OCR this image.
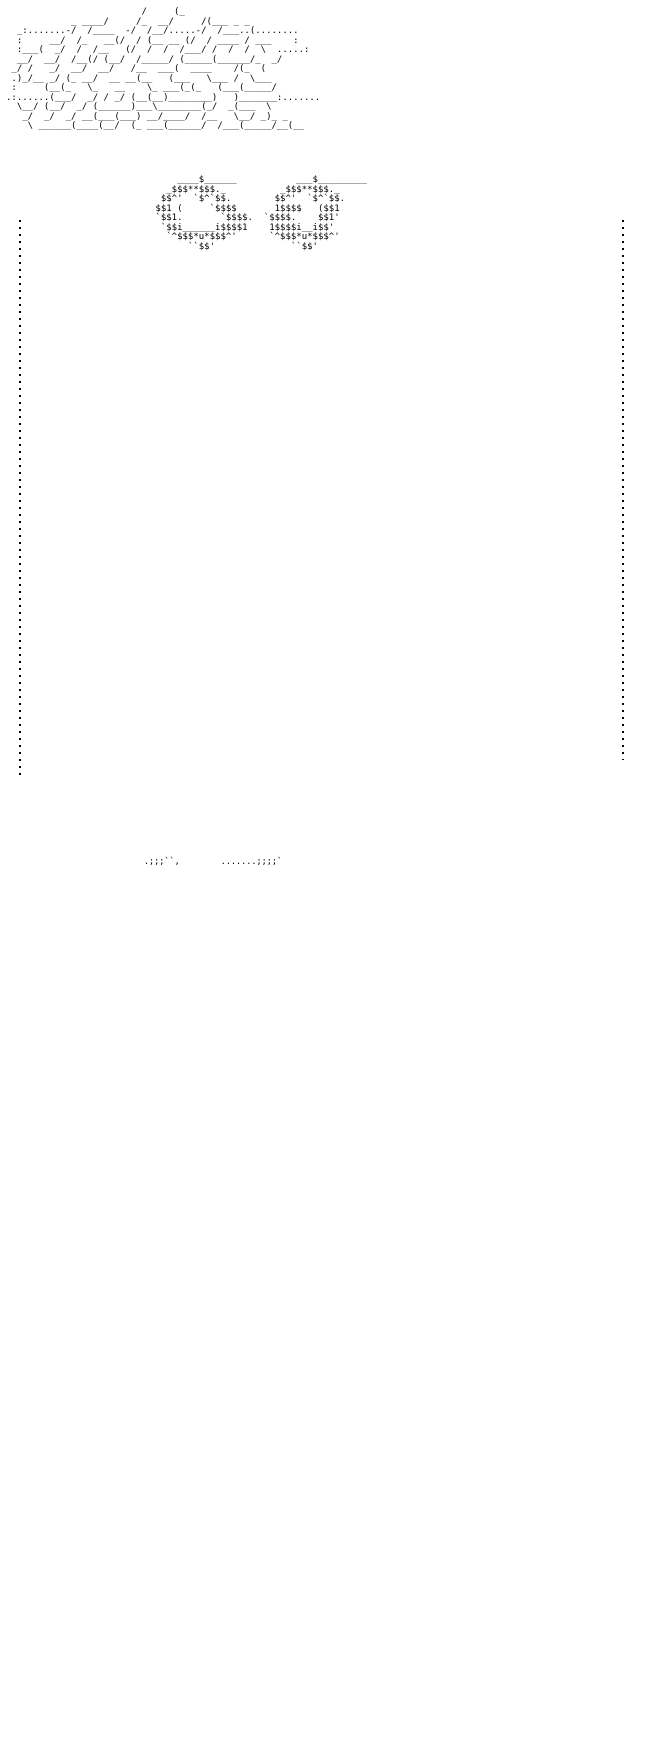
/     (_
_ ____/     /_  __/     /(___ _ _
_:.......-/  /____  -/  /__/.....-/  /___..(........
:     __/  /_   __(/  / (__ __ (/  / ____ / ___    :
:___(  _/  /  /__   (/  /  /  /___/ /  /  /  \  .....:
__/  __/  /__(/ (__/  /_____/ (_____(______/_  _/
_/ /   _/  __/  __/   /__  ___(  ____    /(_  (
.)_/__ _/ (_ __/  __ __(__   (___   \___ /  \___
:     (__(_   \_   __    \_ ___(_(_   (___(_____/
.:......(___/  _/ / _/ (__(__)________)   )_______:.......
\__/ (__/  _/ (______)___\________(_/  _(___  \
_/  _/  _/ __(___(___) __/____/  /__   \__/ _)_ _
\ ______(____(__/  (_ ___(______/  /___(_____/__(__
____$______           ___$_________
_$$$**$$$._          _$$$**$$$._
$$^'  `$^`$$.        $$^'  `$^`$$.
$$1 (     `$$$$       1$$$$   ($$1
`$$1.       `$$$$.  `$$$$.    $$1'
`$$i______i$$$$1    1$$$$i__i$$'
`^$$$*u*$$$^'      `^$$$*u*$$$^'
``$$'              ``$$'
.;;;``,        .......;;;;`
